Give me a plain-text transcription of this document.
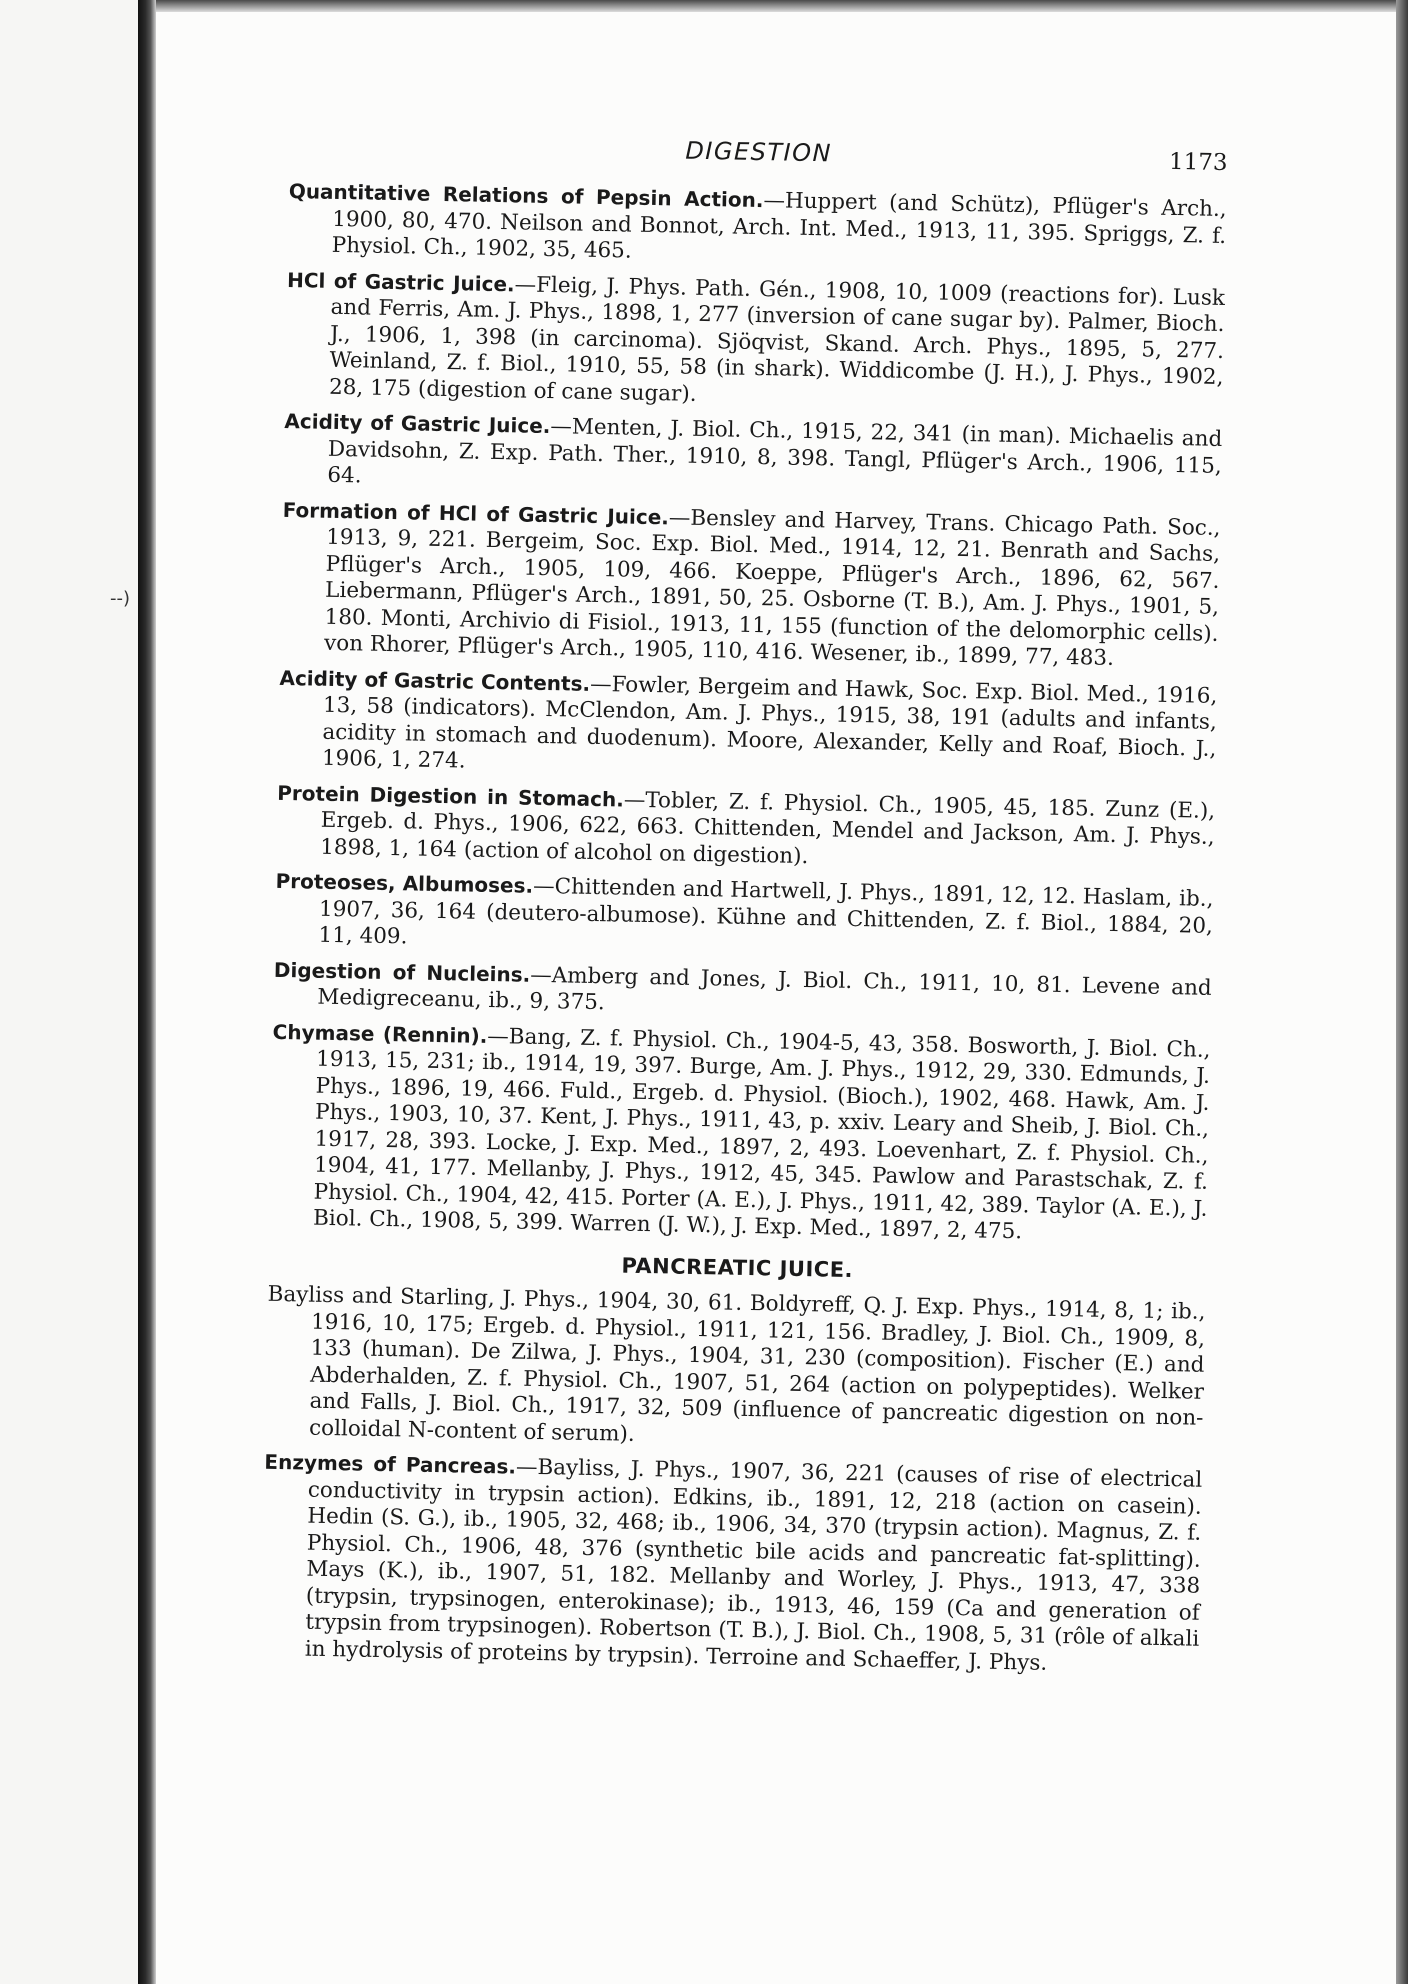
--)
DIGESTION	1173

Quantitative Relations of Pepsin Action.—Huppert (and Schütz), Pflüger's Arch., 1900, 80, 470. Neilson and Bonnot, Arch. Int. Med., 1913, 11, 395. Spriggs, Z. f. Physiol. Ch., 1902, 35, 465.

HCl of Gastric Juice.—Fleig, J. Phys. Path. Gén., 1908, 10, 1009 (reactions for). Lusk and Ferris, Am. J. Phys., 1898, 1, 277 (inversion of cane sugar by). Palmer, Bioch. J., 1906, 1, 398 (in carcinoma). Sjöqvist, Skand. Arch. Phys., 1895, 5, 277. Weinland, Z. f. Biol., 1910, 55, 58 (in shark). Widdicombe (J. H.), J. Phys., 1902, 28, 175 (digestion of cane sugar).

Acidity of Gastric Juice.—Menten, J. Biol. Ch., 1915, 22, 341 (in man). Michaelis and Davidsohn, Z. Exp. Path. Ther., 1910, 8, 398. Tangl, Pflüger's Arch., 1906, 115, 64.

Formation of HCl of Gastric Juice.—Bensley and Harvey, Trans. Chicago Path. Soc., 1913, 9, 221. Bergeim, Soc. Exp. Biol. Med., 1914, 12, 21. Benrath and Sachs, Pflüger's Arch., 1905, 109, 466. Koeppe, Pflüger's Arch., 1896, 62, 567. Liebermann, Pflüger's Arch., 1891, 50, 25. Osborne (T. B.), Am. J. Phys., 1901, 5, 180. Monti, Archivio di Fisiol., 1913, 11, 155 (function of the delomorphic cells). von Rhorer, Pflüger's Arch., 1905, 110, 416. Wesener, ib., 1899, 77, 483.

Acidity of Gastric Contents.—Fowler, Bergeim and Hawk, Soc. Exp. Biol. Med., 1916, 13, 58 (indicators). McClendon, Am. J. Phys., 1915, 38, 191 (adults and infants, acidity in stomach and duodenum). Moore, Alexander, Kelly and Roaf, Bioch. J., 1906, 1, 274.

Protein Digestion in Stomach.—Tobler, Z. f. Physiol. Ch., 1905, 45, 185. Zunz (E.), Ergeb. d. Phys., 1906, 622, 663. Chittenden, Mendel and Jackson, Am. J. Phys., 1898, 1, 164 (action of alcohol on digestion).

Proteoses, Albumoses.—Chittenden and Hartwell, J. Phys., 1891, 12, 12. Haslam, ib., 1907, 36, 164 (deutero-albumose). Kühne and Chittenden, Z. f. Biol., 1884, 20, 11, 409.

Digestion of Nucleins.—Amberg and Jones, J. Biol. Ch., 1911, 10, 81. Levene and Medigreceanu, ib., 9, 375.

Chymase (Rennin).—Bang, Z. f. Physiol. Ch., 1904-5, 43, 358. Bosworth, J. Biol. Ch., 1913, 15, 231; ib., 1914, 19, 397. Burge, Am. J. Phys., 1912, 29, 330. Edmunds, J. Phys., 1896, 19, 466. Fuld., Ergeb. d. Physiol. (Bioch.), 1902, 468. Hawk, Am. J. Phys., 1903, 10, 37. Kent, J. Phys., 1911, 43, p. xxiv. Leary and Sheib, J. Biol. Ch., 1917, 28, 393. Locke, J. Exp. Med., 1897, 2, 493. Loevenhart, Z. f. Physiol. Ch., 1904, 41, 177. Mellanby, J. Phys., 1912, 45, 345. Pawlow and Parastschak, Z. f. Physiol. Ch., 1904, 42, 415. Porter (A. E.), J. Phys., 1911, 42, 389. Taylor (A. E.), J. Biol. Ch., 1908, 5, 399. Warren (J. W.), J. Exp. Med., 1897, 2, 475.

PANCREATIC JUICE.

Bayliss and Starling, J. Phys., 1904, 30, 61. Boldyreff, Q. J. Exp. Phys., 1914, 8, 1; ib., 1916, 10, 175; Ergeb. d. Physiol., 1911, 121, 156. Bradley, J. Biol. Ch., 1909, 8, 133 (human). De Zilwa, J. Phys., 1904, 31, 230 (composition). Fischer (E.) and Abderhalden, Z. f. Physiol. Ch., 1907, 51, 264 (action on polypeptides). Welker and Falls, J. Biol. Ch., 1917, 32, 509 (influence of pancreatic digestion on non-colloidal N-content of serum).

Enzymes of Pancreas.—Bayliss, J. Phys., 1907, 36, 221 (causes of rise of electrical conductivity in trypsin action). Edkins, ib., 1891, 12, 218 (action on casein). Hedin (S. G.), ib., 1905, 32, 468; ib., 1906, 34, 370 (trypsin action). Magnus, Z. f. Physiol. Ch., 1906, 48, 376 (synthetic bile acids and pancreatic fat-splitting). Mays (K.), ib., 1907, 51, 182. Mellanby and Worley, J. Phys., 1913, 47, 338 (trypsin, trypsinogen, enterokinase); ib., 1913, 46, 159 (Ca and generation of trypsin from trypsinogen). Robertson (T. B.), J. Biol. Ch., 1908, 5, 31 (rôle of alkali in hydrolysis of proteins by trypsin). Terroine and Schaeffer, J. Phys.
